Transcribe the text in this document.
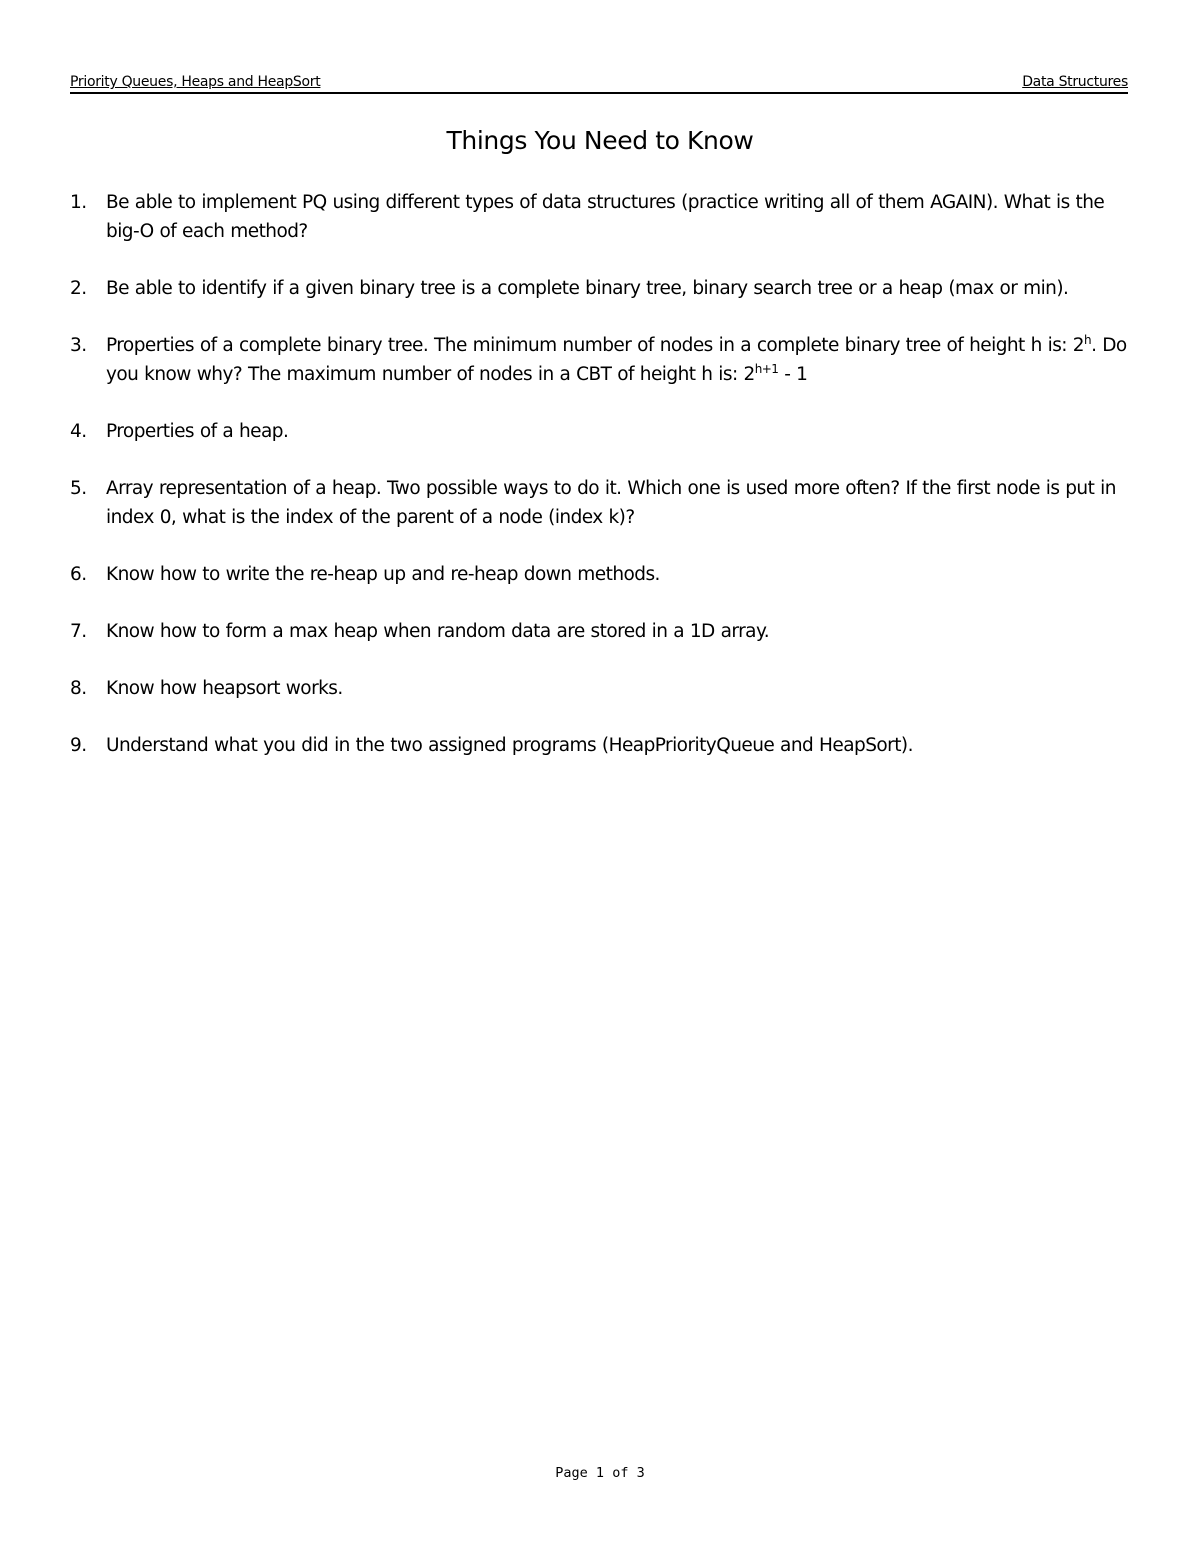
Priority Queues, Heaps and HeapSort	Data Structures
Things You Need to Know
1. Be able to implement PQ using different types of data structures (practice writing all of them AGAIN). What is the big-O of each method?
2. Be able to identify if a given binary tree is a complete binary tree, binary search tree or a heap (max or min).
3. Properties of a complete binary tree. The minimum number of nodes in a complete binary tree of height h is: 2$^h$. Do you know why? The maximum number of nodes in a CBT of height h is: $2^{h+1} - 1$
4. Properties of a heap.
5. Array representation of a heap. Two possible ways to do it. Which one is used more often? If the first node is put in index 0, what is the index of the parent of a node (index k)?
6. Know how to write the re-heap up and re-heap down methods.
7. Know how to form a max heap when random data are stored in a 1D array.
8. Know how heapsort works.
9. Understand what you did in the two assigned programs (HeapPriorityQueue and HeapSort).
Page 1 of 3
